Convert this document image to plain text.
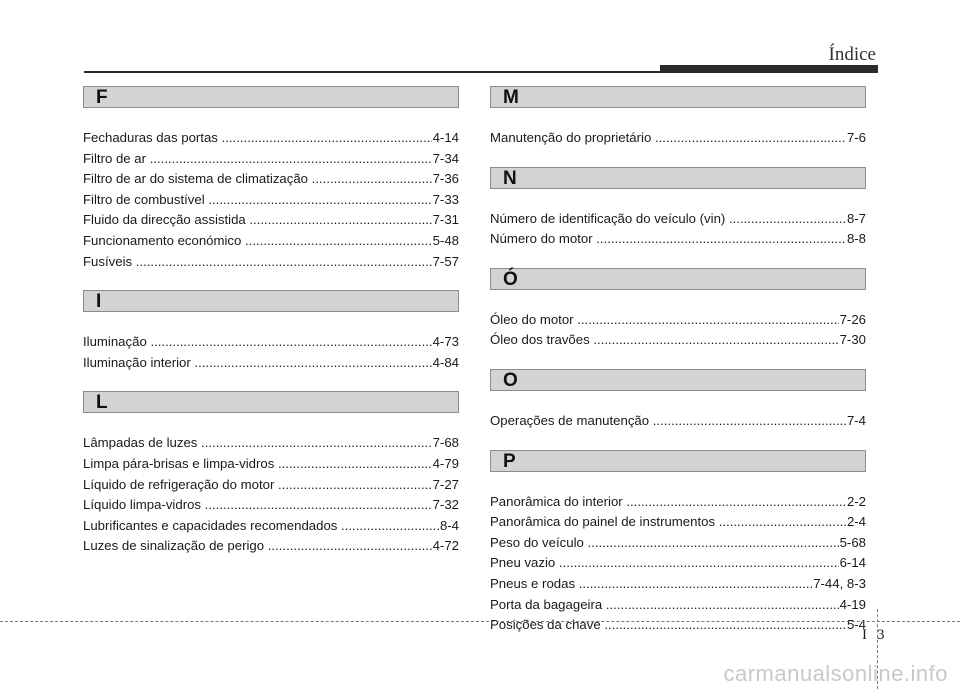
Índice
F
Fechaduras das portas .....	4-14
Filtro de ar .....	7-34
Filtro de ar do sistema de climatização .....	7-36
Filtro de combustível .....	7-33
Fluido da direcção assistida .....	7-31
Funcionamento económico .....	5-48
Fusíveis .....	7-57
I
Iluminação .....	4-73
Iluminação interior .....	4-84
L
Lâmpadas de luzes .....	7-68
Limpa pára-brisas e limpa-vidros .....	4-79
Líquido de refrigeração do motor .....	7-27
Líquido limpa-vidros .....	7-32
Lubrificantes e capacidades recomendados .....	8-4
Luzes de sinalização de perigo .....	4-72
M
Manutenção do proprietário .....	7-6
N
Número de identificação do veículo (vin) .....	8-7
Número do motor .....	8-8
Ó
Óleo do motor .....	7-26
Óleo dos travões .....	7-30
O
Operações de manutenção .....	7-4
P
Panorâmica do interior .....	2-2
Panorâmica do painel de instrumentos .....	2-4
Peso do veículo .....	5-68
Pneu vazio .....	6-14
Pneus e rodas .....	7-44, 8-3
Porta da bagageira .....	4-19
Posições da chave .....	5-4
I 3
carmanualsonline.info
